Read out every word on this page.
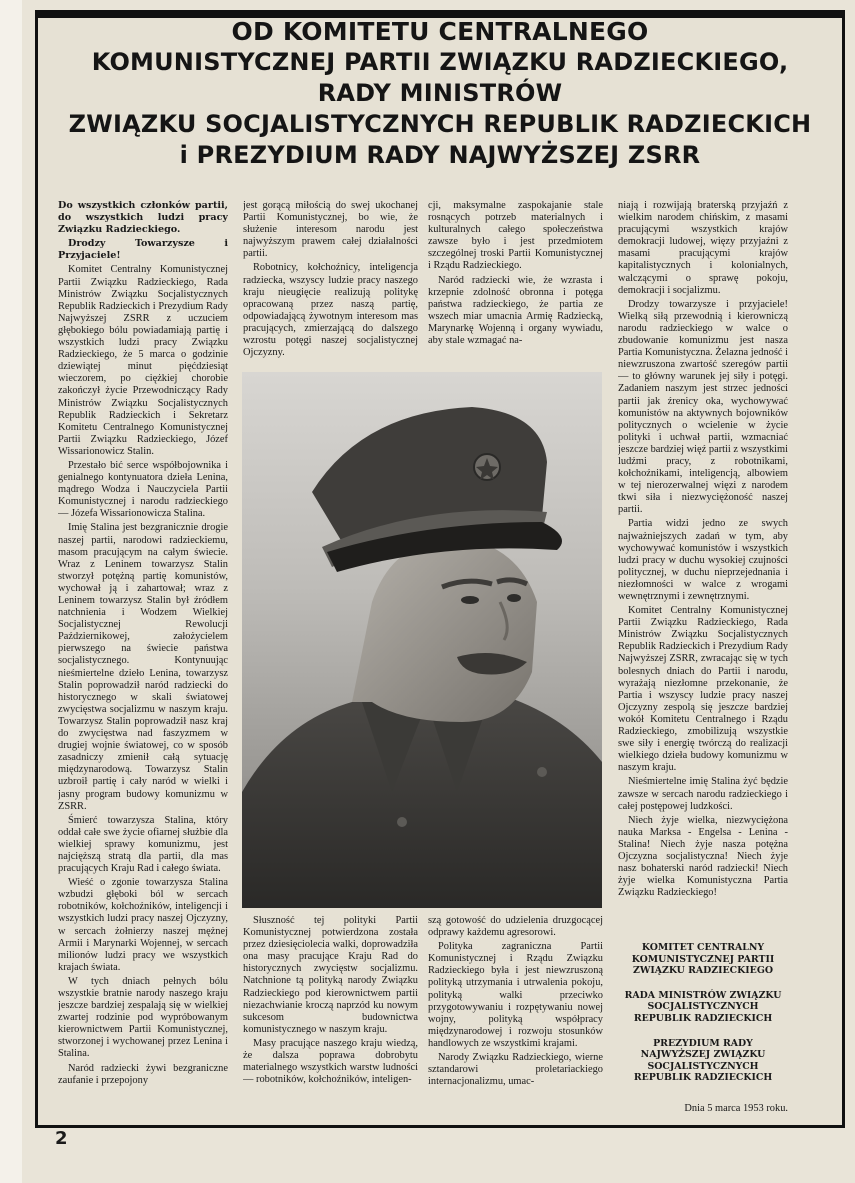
OD KOMITETU CENTRALNEGO
KOMUNISTYCZNEJ PARTII ZWIĄZKU RADZIECKIEGO,
RADY MINISTRÓW
ZWIĄZKU SOCJALISTYCZNYCH REPUBLIK RADZIECKICH
i PREZYDIUM RADY NAJWYŻSZEJ ZSRR

Do wszystkich członków partii, do wszystkich ludzi pracy Związku Radzieckiego.

Drodzy Towarzysze i Przyjaciele!

Komitet Centralny Komunistycznej Partii Związku Radzieckiego, Rada Ministrów Związku Socjalistycznych Republik Radzieckich i Prezydium Rady Najwyższej ZSRR z uczuciem głębokiego bólu powiadamiają partię i wszystkich ludzi pracy Związku Radzieckiego, że 5 marca o godzinie dziewiątej minut pięćdziesiąt wieczorem, po ciężkiej chorobie zakończył życie Przewodniczący Rady Ministrów Związku Socjalistycznych Republik Radzieckich i Sekretarz Komitetu Centralnego Komunistycznej Partii Związku Radzieckiego, Józef Wissarionowicz Stalin.

Przestało bić serce współbojownika i genialnego kontynuatora dzieła Lenina, mądrego Wodza i Nauczyciela Partii Komunistycznej i narodu radzieckiego — Józefa Wissarionowicza Stalina.

Imię Stalina jest bezgranicznie drogie naszej partii, narodowi radzieckiemu, masom pracującym na całym świecie. Wraz z Leninem towarzysz Stalin stworzył potężną partię komunistów, wychował ją i zahartował; wraz z Leninem towarzysz Stalin był źródłem natchnienia i Wodzem Wielkiej Socjalistycznej Rewolucji Październikowej, założycielem pierwszego na świecie państwa socjalistycznego. Kontynuując nieśmiertelne dzieło Lenina, towarzysz Stalin poprowadził naród radziecki do historycznego w skali światowej zwycięstwa socjalizmu w naszym kraju. Towarzysz Stalin poprowadził nasz kraj do zwycięstwa nad faszyzmem w drugiej wojnie światowej, co w sposób zasadniczy zmienił całą sytuację międzynarodową. Towarzysz Stalin uzbroił partię i cały naród w wielki i jasny program budowy komunizmu w ZSRR.

Śmierć towarzysza Stalina, który oddał całe swe życie ofiarnej służbie dla wielkiej sprawy komunizmu, jest najcięższą stratą dla partii, dla mas pracujących Kraju Rad i całego świata.

Wieść o zgonie towarzysza Stalina wzbudzi głęboki ból w sercach robotników, kołchoźników, inteligencji i wszystkich ludzi pracy naszej Ojczyzny, w sercach żołnierzy naszej mężnej Armii i Marynarki Wojennej, w sercach milionów ludzi pracy we wszystkich krajach świata.

W tych dniach pełnych bólu wszystkie bratnie narody naszego kraju jeszcze bardziej zespalają się w wielkiej zwartej rodzinie pod wypróbowanym kierownictwem Partii Komunistycznej, stworzonej i wychowanej przez Lenina i Stalina.

Naród radziecki żywi bezgraniczne zaufanie i przepojony

jest gorącą miłością do swej ukochanej Partii Komunistycznej, bo wie, że służenie interesom narodu jest najwyższym prawem całej działalności partii.

Robotnicy, kołchoźnicy, inteligencja radziecka, wszyscy ludzie pracy naszego kraju nieugięcie realizują politykę opracowaną przez naszą partię, odpowiadającą żywotnym interesom mas pracujących, zmierzającą do dalszego wzrostu potęgi naszej socjalistycznej Ojczyzny.

cji, maksymalne zaspokajanie stale rosnących potrzeb materialnych i kulturalnych całego społeczeństwa zawsze było i jest przedmiotem szczególnej troski Partii Komunistycznej i Rządu Radzieckiego.

Naród radziecki wie, że wzrasta i krzepnie zdolność obronna i potęga państwa radzieckiego, że partia ze wszech miar umacnia Armię Radziecką, Marynarkę Wojenną i organy wywiadu, aby stale wzmagać na-

Słuszność tej polityki Partii Komunistycznej potwierdzona została przez dziesięciolecia walki, doprowadziła ona masy pracujące Kraju Rad do historycznych zwycięstw socjalizmu. Natchnione tą polityką narody Związku Radzieckiego pod kierownictwem partii niezachwianie kroczą naprzód ku nowym sukcesom budownictwa komunistycznego w naszym kraju.

Masy pracujące naszego kraju wiedzą, że dalsza poprawa dobrobytu materialnego wszystkich warstw ludności — robotników, kołchoźników, inteligen-

szą gotowość do udzielenia druzgocącej odprawy każdemu agresorowi.

Polityka zagraniczna Partii Komunistycznej i Rządu Związku Radzieckiego była i jest niewzruszoną polityką utrzymania i utrwalenia pokoju, polityką walki przeciwko przygotowywaniu i rozpętywaniu nowej wojny, polityką współpracy międzynarodowej i rozwoju stosunków handlowych ze wszystkimi krajami.

Narody Związku Radzieckiego, wierne sztandarowi proletariackiego internacjonalizmu, umac-

niają i rozwijają braterską przyjaźń z wielkim narodem chińskim, z masami pracującymi wszystkich krajów demokracji ludowej, więzy przyjaźni z masami pracującymi krajów kapitalistycznych i kolonialnych, walczącymi o sprawę pokoju, demokracji i socjalizmu.

Drodzy towarzysze i przyjaciele! Wielką siłą przewodnią i kierowniczą narodu radzieckiego w walce o zbudowanie komunizmu jest nasza Partia Komunistyczna. Żelazna jedność i niewzruszona zwartość szeregów partii — to główny warunek jej siły i potęgi. Zadaniem naszym jest strzec jedności partii jak źrenicy oka, wychowywać komunistów na aktywnych bojowników politycznych o wcielenie w życie polityki i uchwał partii, wzmacniać jeszcze bardziej więź partii z wszystkimi ludźmi pracy, z robotnikami, kołchoźnikami, inteligencją, albowiem w tej nierozerwalnej więzi z narodem tkwi siła i niezwyciężoność naszej partii.

Partia widzi jedno ze swych najważniejszych zadań w tym, aby wychowywać komunistów i wszystkich ludzi pracy w duchu wysokiej czujności politycznej, w duchu nieprzejednania i niezłomności w walce z wrogami wewnętrznymi i zewnętrznymi.

Komitet Centralny Komunistycznej Partii Związku Radzieckiego, Rada Ministrów Związku Socjalistycznych Republik Radzieckich i Prezydium Rady Najwyższej ZSRR, zwracając się w tych bolesnych dniach do Partii i narodu, wyrażają niezłomne przekonanie, że Partia i wszyscy ludzie pracy naszej Ojczyzny zespolą się jeszcze bardziej wokół Komitetu Centralnego i Rządu Radzieckiego, zmobilizują wszystkie swe siły i energię twórczą do realizacji wielkiego dzieła budowy komunizmu w naszym kraju.

Nieśmiertelne imię Stalina żyć będzie zawsze w sercach narodu radzieckiego i całej postępowej ludzkości.

Niech żyje wielka, niezwyciężona nauka Marksa - Engelsa - Lenina - Stalina! Niech żyje nasza potężna Ojczyzna socjalistyczna! Niech żyje nasz bohaterski naród radziecki! Niech żyje wielka Komunistyczna Partia Związku Radzieckiego!

KOMITET CENTRALNY KOMUNISTYCZNEJ PARTII ZWIĄZKU RADZIECKIEGO
RADA MINISTRÓW ZWIĄZKU SOCJALISTYCZNYCH REPUBLIK RADZIECKICH
PREZYDIUM RADY NAJWYŻSZEJ ZWIĄZKU SOCJALISTYCZNYCH REPUBLIK RADZIECKICH
Dnia 5 marca 1953 roku.
2
